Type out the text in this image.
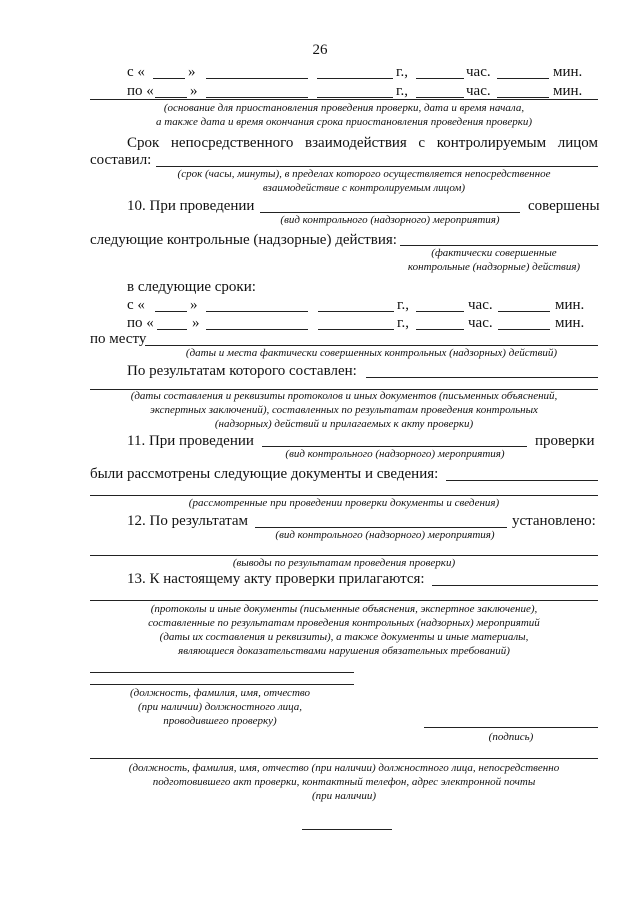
26
с «	»	г.,	час.	мин.
по « »	г.,	час.	мин.
(основание для приостановления проведения проверки, дата и время начала,
а также дата и время окончания срока приостановления проведения проверки)
Срок непосредственного взаимодействия с контролируемым лицом
составил:
(срок (часы, минуты), в пределах которого осуществляется непосредственное
взаимодействие с контролируемым лицом)
10. При проведении	совершены
(вид контрольного (надзорного) мероприятия)
следующие контрольные (надзорные) действия:
(фактически совершенные
контрольные (надзорные) действия)
в следующие сроки:
с «	»	г.,	час.	мин.
по «	»	г.,	час.	мин.
по месту
(даты и места фактически совершенных контрольных (надзорных) действий)
По результатам которого составлен:
(даты составления и реквизиты протоколов и иных документов (письменных объяснений,
экспертных заключений), составленных по результатам проведения контрольных
(надзорных) действий и прилагаемых к акту проверки)
11. При проведении	проверки
(вид контрольного (надзорного) мероприятия)
были рассмотрены следующие документы и сведения:
(рассмотренные при проведении проверки документы и сведения)
12. По результатам	установлено:
(вид контрольного (надзорного) мероприятия)
(выводы по результатам проведения проверки)
13. К настоящему акту проверки прилагаются:
(протоколы и иные документы (письменные объяснения, экспертное заключение),
составленные по результатам проведения контрольных (надзорных) мероприятий
(даты их составления и реквизиты), а также документы и иные материалы,
являющиеся доказательствами нарушения обязательных требований)
(должность, фамилия, имя, отчество
(при наличии) должностного лица,
проводившего проверку)
(подпись)
(должность, фамилия, имя, отчество (при наличии) должностного лица, непосредственно
подготовившего акт проверки, контактный телефон, адрес электронной почты
(при наличии)
